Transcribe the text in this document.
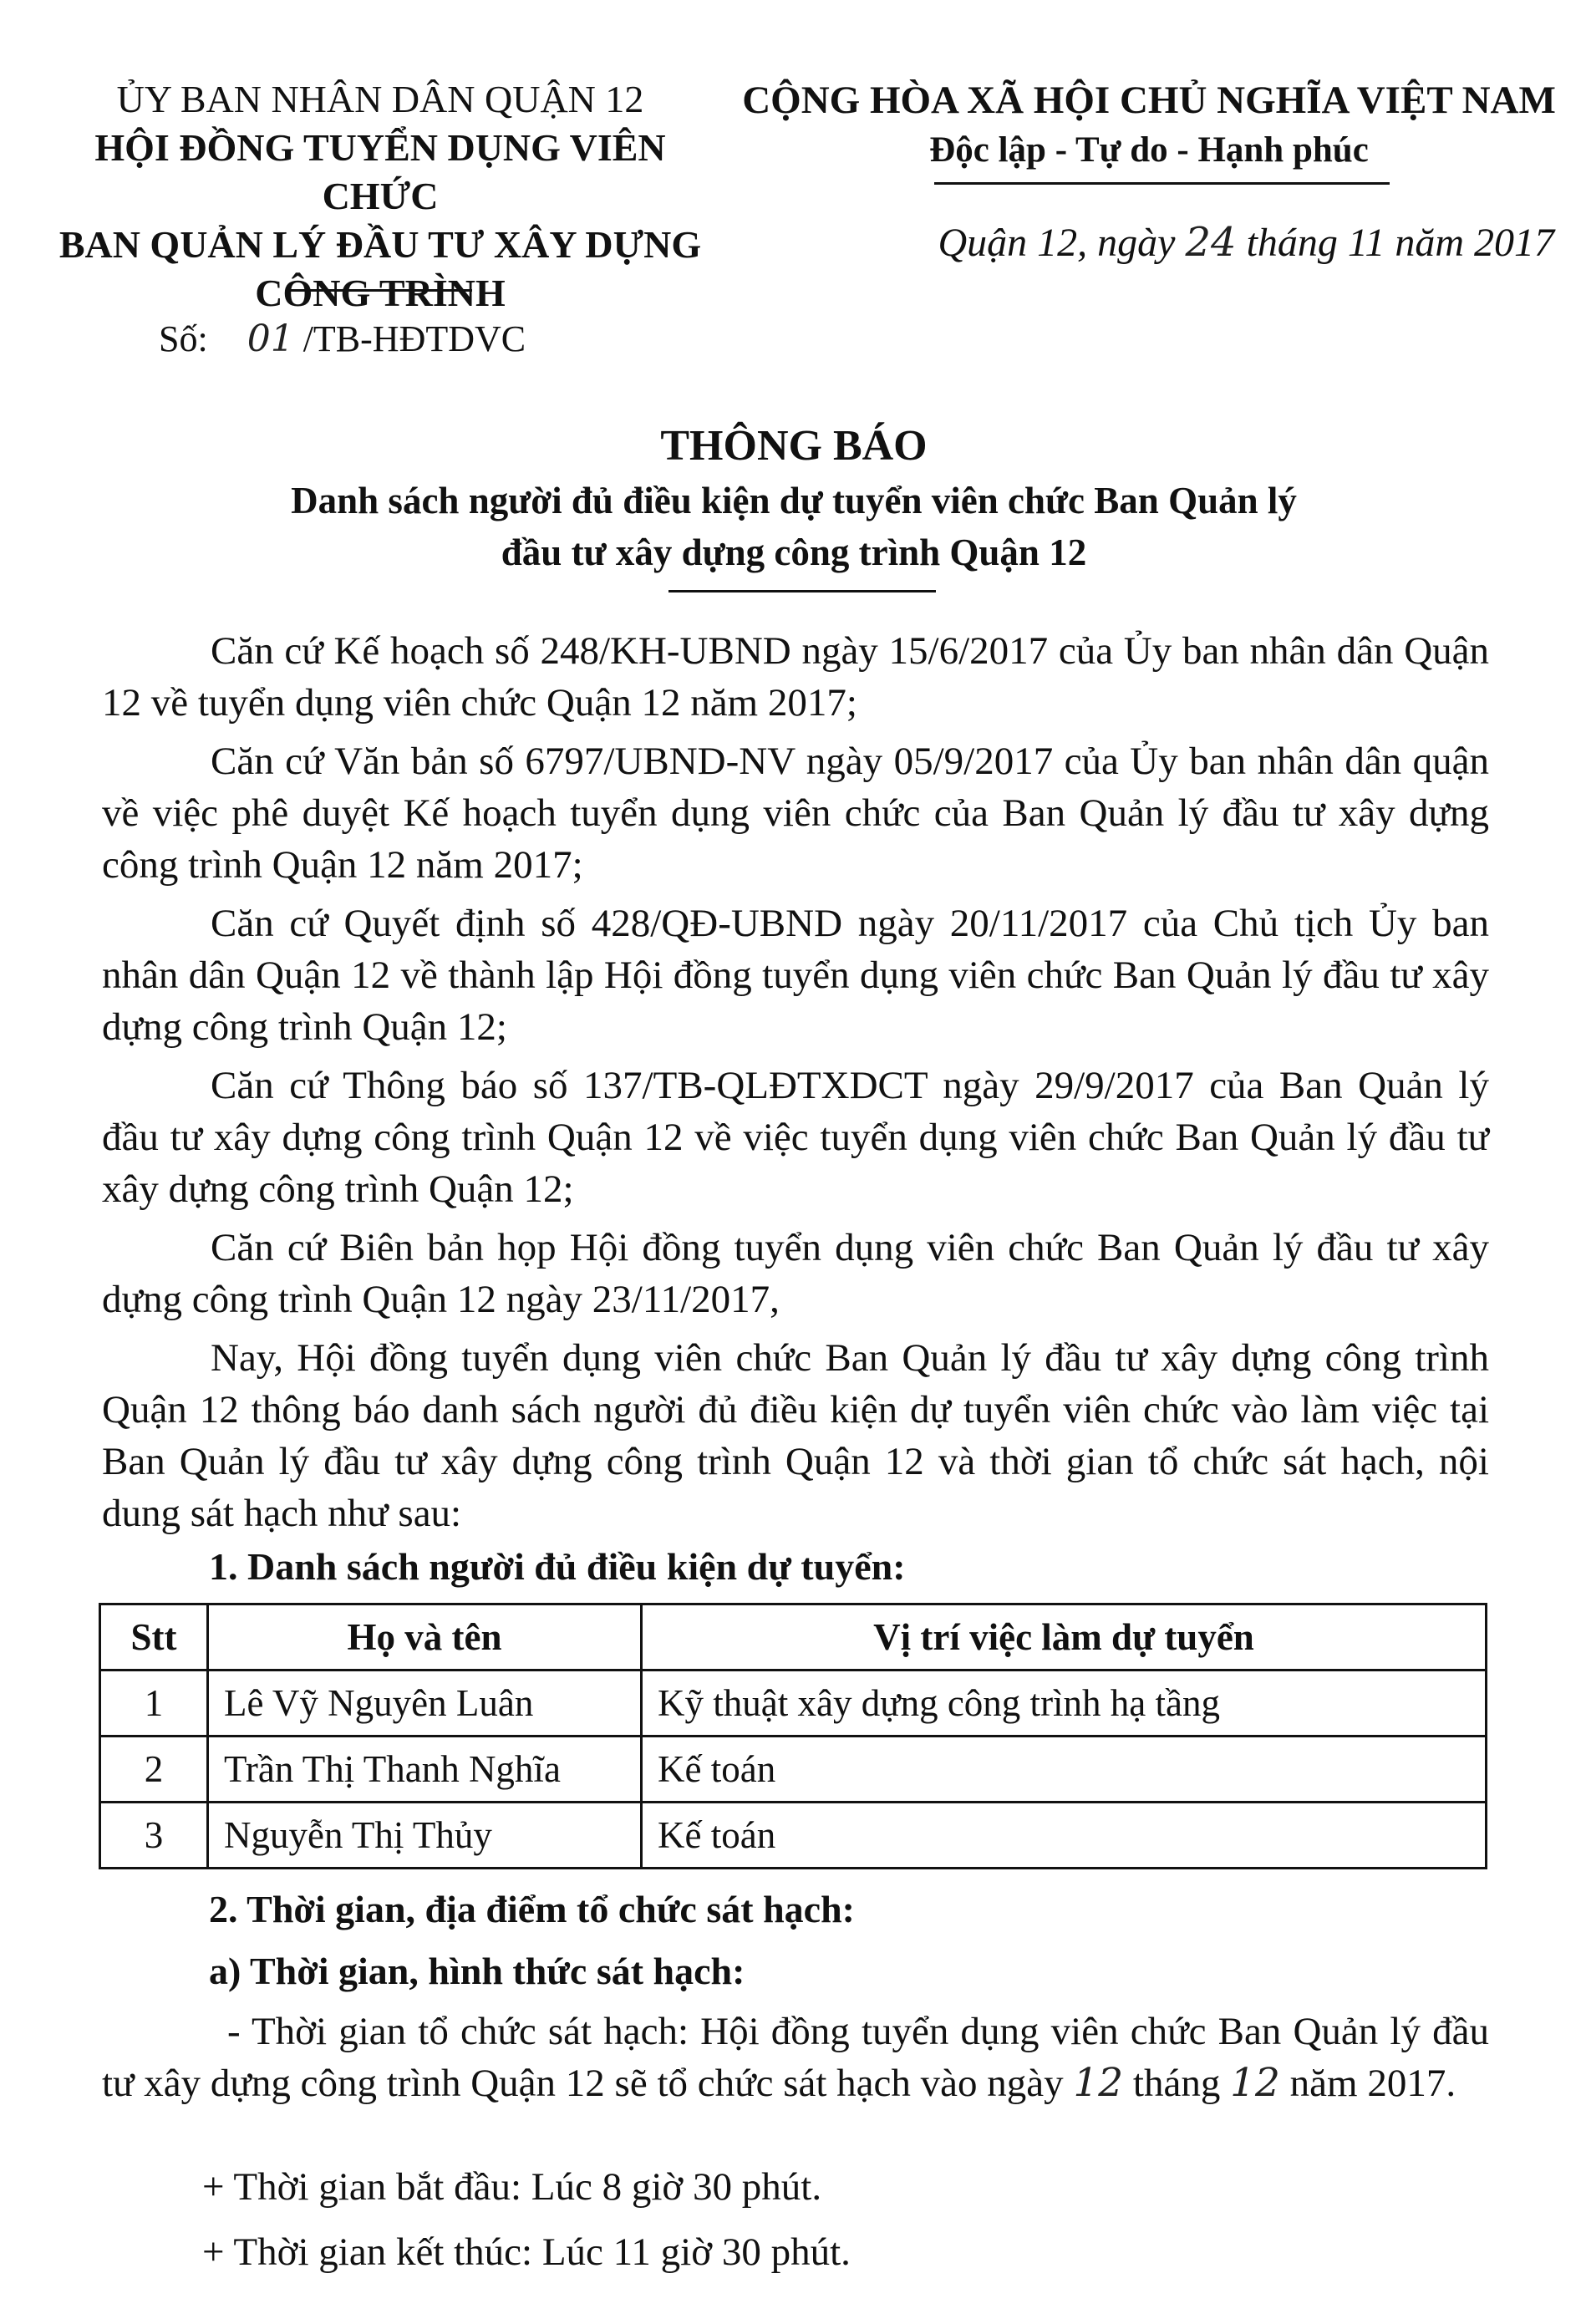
ỦY BAN NHÂN DÂN QUẬN 12
HỘI ĐỒNG TUYỂN DỤNG VIÊN CHỨC
BAN QUẢN LÝ ĐẦU TƯ XÂY DỰNG
CÔNG TRÌNH
CỘNG HÒA XÃ HỘI CHỦ NGHĨA VIỆT NAM
Độc lập - Tự do - Hạnh phúc
Quận 12, ngày 24 tháng 11 năm 2017
Số: 01 /TB-HĐTDVC
THÔNG BÁO
Danh sách người đủ điều kiện dự tuyển viên chức Ban Quản lý
đầu tư xây dựng công trình Quận 12

Căn cứ Kế hoạch số 248/KH-UBND ngày 15/6/2017 của Ủy ban nhân dân Quận 12 về tuyển dụng viên chức Quận 12 năm 2017;

Căn cứ Văn bản số 6797/UBND-NV ngày 05/9/2017 của Ủy ban nhân dân quận về việc phê duyệt Kế hoạch tuyển dụng viên chức của Ban Quản lý đầu tư xây dựng công trình Quận 12 năm 2017;

Căn cứ Quyết định số 428/QĐ-UBND ngày 20/11/2017 của Chủ tịch Ủy ban nhân dân Quận 12 về thành lập Hội đồng tuyển dụng viên chức Ban Quản lý đầu tư xây dựng công trình Quận 12;

Căn cứ Thông báo số 137/TB-QLĐTXDCT ngày 29/9/2017 của Ban Quản lý đầu tư xây dựng công trình Quận 12 về việc tuyển dụng viên chức Ban Quản lý đầu tư xây dựng công trình Quận 12;

Căn cứ Biên bản họp Hội đồng tuyển dụng viên chức Ban Quản lý đầu tư xây dựng công trình Quận 12 ngày 23/11/2017,

Nay, Hội đồng tuyển dụng viên chức Ban Quản lý đầu tư xây dựng công trình Quận 12 thông báo danh sách người đủ điều kiện dự tuyển viên chức vào làm việc tại Ban Quản lý đầu tư xây dựng công trình Quận 12 và thời gian tổ chức sát hạch, nội dung sát hạch như sau:

1. Danh sách người đủ điều kiện dự tuyển:
Stt	Họ và tên	Vị trí việc làm dự tuyển
1	Lê Vỹ Nguyên Luân	Kỹ thuật xây dựng công trình hạ tầng
2	Trần Thị Thanh Nghĩa	Kế toán
3	Nguyễn Thị Thủy	Kế toán
2. Thời gian, địa điểm tổ chức sát hạch:
a) Thời gian, hình thức sát hạch:

- Thời gian tổ chức sát hạch: Hội đồng tuyển dụng viên chức Ban Quản lý đầu tư xây dựng công trình Quận 12 sẽ tổ chức sát hạch vào ngày 12 tháng 12 năm 2017.

+ Thời gian bắt đầu: Lúc 8 giờ 30 phút.
+ Thời gian kết thúc: Lúc 11 giờ 30 phút.
